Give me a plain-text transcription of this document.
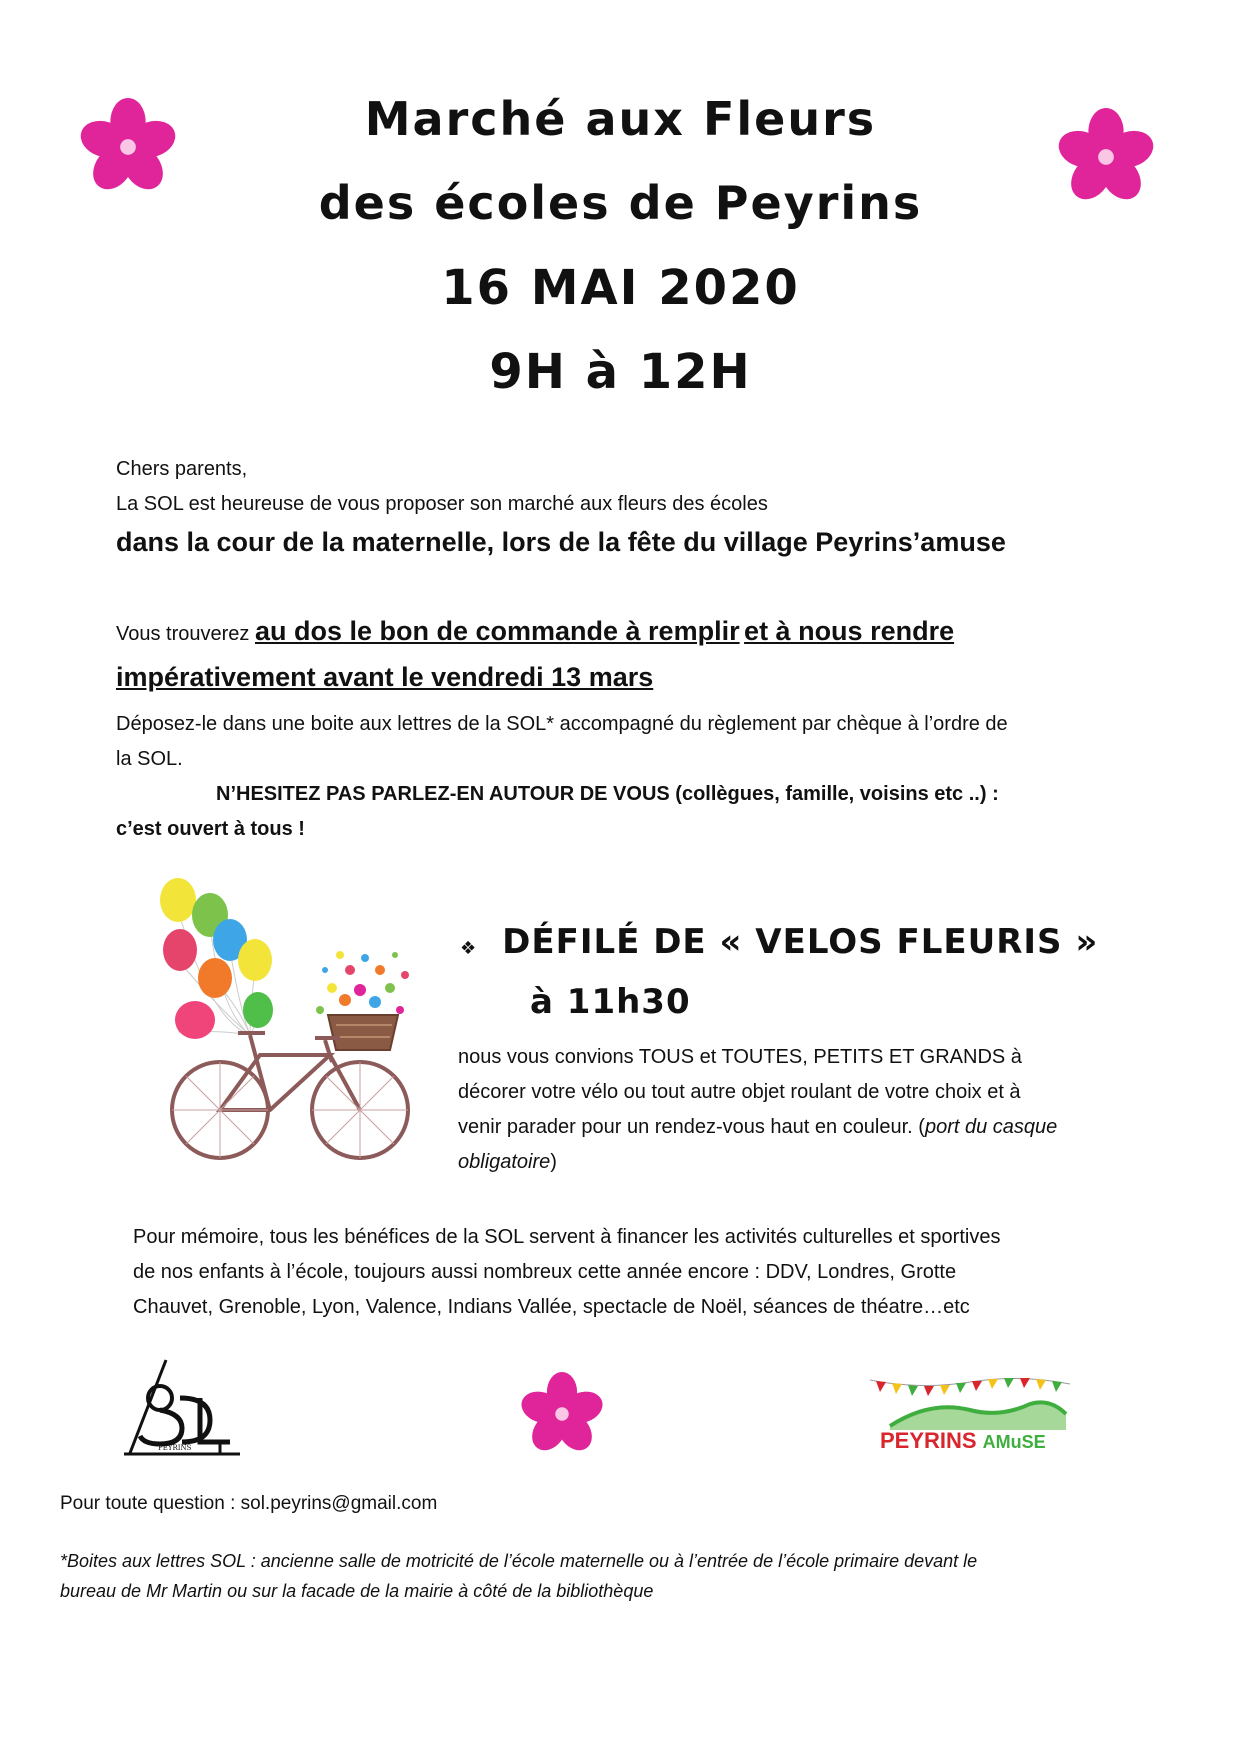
Marché aux Fleurs
des écoles de Peyrins
16 MAI 2020
9H à 12H
Chers parents,
La SOL est heureuse de vous proposer son marché aux fleurs des écoles
dans la cour de la maternelle, lors de la fête du village Peyrins’amuse
Vous trouverez au dos le bon de commande à remplir et à nous rendre
impérativement avant le vendredi 13 mars
Déposez-le dans une boite aux lettres de la SOL* accompagné du règlement par chèque à l’ordre de
la SOL.
N’HESITEZ PAS PARLEZ-EN AUTOUR DE VOUS (collègues, famille, voisins etc ..) :
c’est ouvert à tous !
❖ DÉFILÉ DE « VELOS FLEURIS »
à 11h30
nous vous convions TOUS et TOUTES, PETITS ET GRANDS à
décorer votre vélo ou tout autre objet roulant de votre choix et à
venir parader pour un rendez-vous haut en couleur. (port du casque
obligatoire)
Pour mémoire, tous les bénéfices de la SOL servent à financer les activités culturelles et sportives
de nos enfants à l’école, toujours aussi nombreux cette année encore : DDV, Londres, Grotte
Chauvet, Grenoble, Lyon, Valence, Indians Vallée, spectacle de Noël, séances de théatre…etc
PEYRINS	PEYRINS AMuSE
Pour toute question : sol.peyrins@gmail.com
*Boites aux lettres SOL : ancienne salle de motricité de l’école maternelle ou à l’entrée de l’école primaire devant le
bureau de Mr Martin ou sur la facade de la mairie à côté de la bibliothèque
